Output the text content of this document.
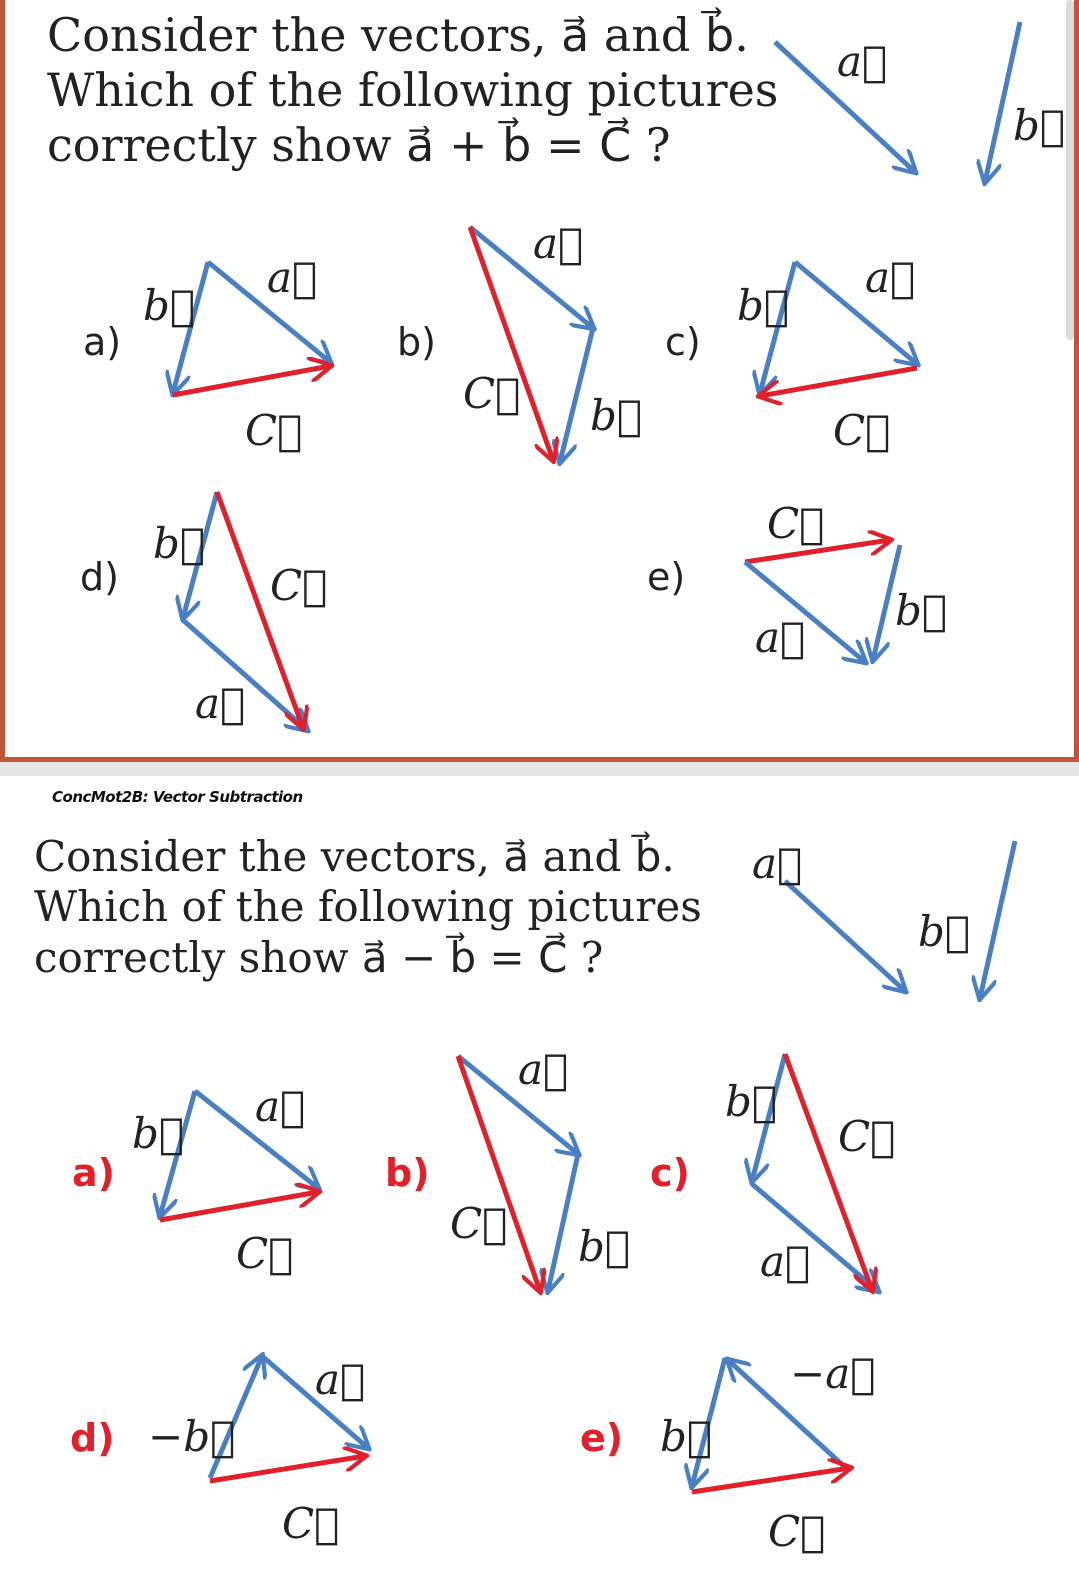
Consider the vectors, a⃗ and b⃗.
Which of the following pictures
correctly show a⃗ + b⃗ = C⃗ ?
a⃗
b⃗
a)
b⃗
a⃗
C⃗
b)
a⃗
C⃗ b⃗
c)
b⃗
a⃗
C⃗
d)
b⃗
C⃗
a⃗
e)
C⃗
a⃗
b⃗
ConcMot2B: Vector Subtraction
Consider the vectors, a⃗ and b⃗.
Which of the following pictures
correctly show a⃗ − b⃗ = C⃗ ?
a⃗
b⃗
a)
b⃗
a⃗
C⃗
b)
a⃗
C⃗ b⃗
c)
b⃗
C⃗
a⃗
d) −b⃗
a⃗
C⃗
e) b⃗
−a⃗
C⃗
